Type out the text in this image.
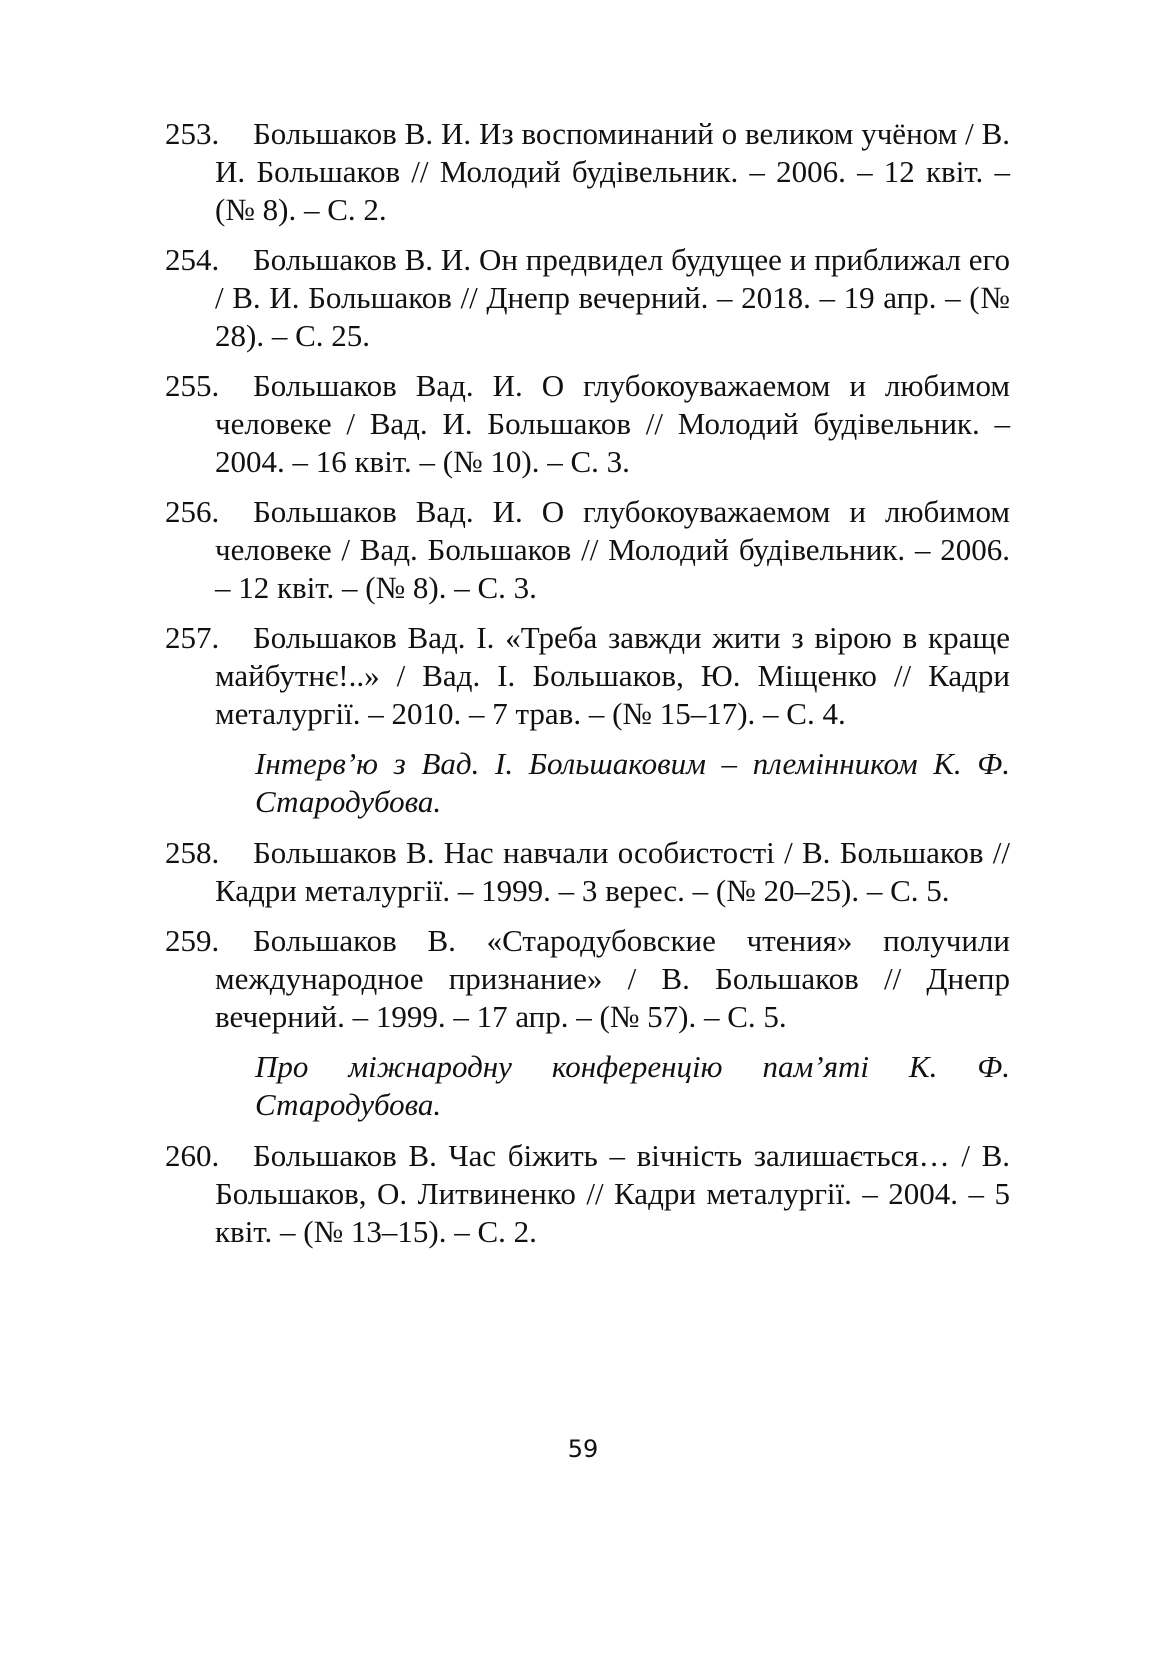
253. Большаков В. И. Из воспоминаний о великом учёном / В. И. Большаков // Молодий будівельник. – 2006. – 12 квіт. – (№ 8). – С. 2.

254. Большаков В. И. Он предвидел будущее и приближал его / В. И. Большаков // Днепр вечерний. – 2018. – 19 апр. – (№ 28). – С. 25.

255. Большаков Вад. И. О глубокоуважаемом и любимом человеке / Вад. И. Большаков // Молодий будівельник. – 2004. – 16 квіт. – (№ 10). – С. 3.

256. Большаков Вад. И. О глубокоуважаемом и любимом человеке / Вад. Большаков // Молодий будівельник. – 2006. – 12 квіт. – (№ 8). – С. 3.

257. Большаков Вад. І. «Треба завжди жити з вірою в краще майбутнє!..» / Вад. І. Большаков, Ю. Міщенко // Кадри металургії. – 2010. – 7 трав. – (№ 15–17). – С. 4.

Інтерв’ю з Вад. І. Большаковим – племінником К. Ф. Стародубова.

258. Большаков В. Нас навчали особистості / В. Большаков // Кадри металургії. – 1999. – 3 верес. – (№ 20–25). – С. 5.

259. Большаков В. «Стародубовские чтения» получили международное признание» / В. Большаков // Днепр вечерний. – 1999. – 17 апр. – (№ 57). – С. 5.

Про міжнародну конференцію пам’яті К. Ф. Стародубова.

260. Большаков В. Час біжить – вічність залишається… / В. Большаков, О. Литвиненко // Кадри металургії. – 2004. – 5 квіт. – (№ 13–15). – С. 2.

59
